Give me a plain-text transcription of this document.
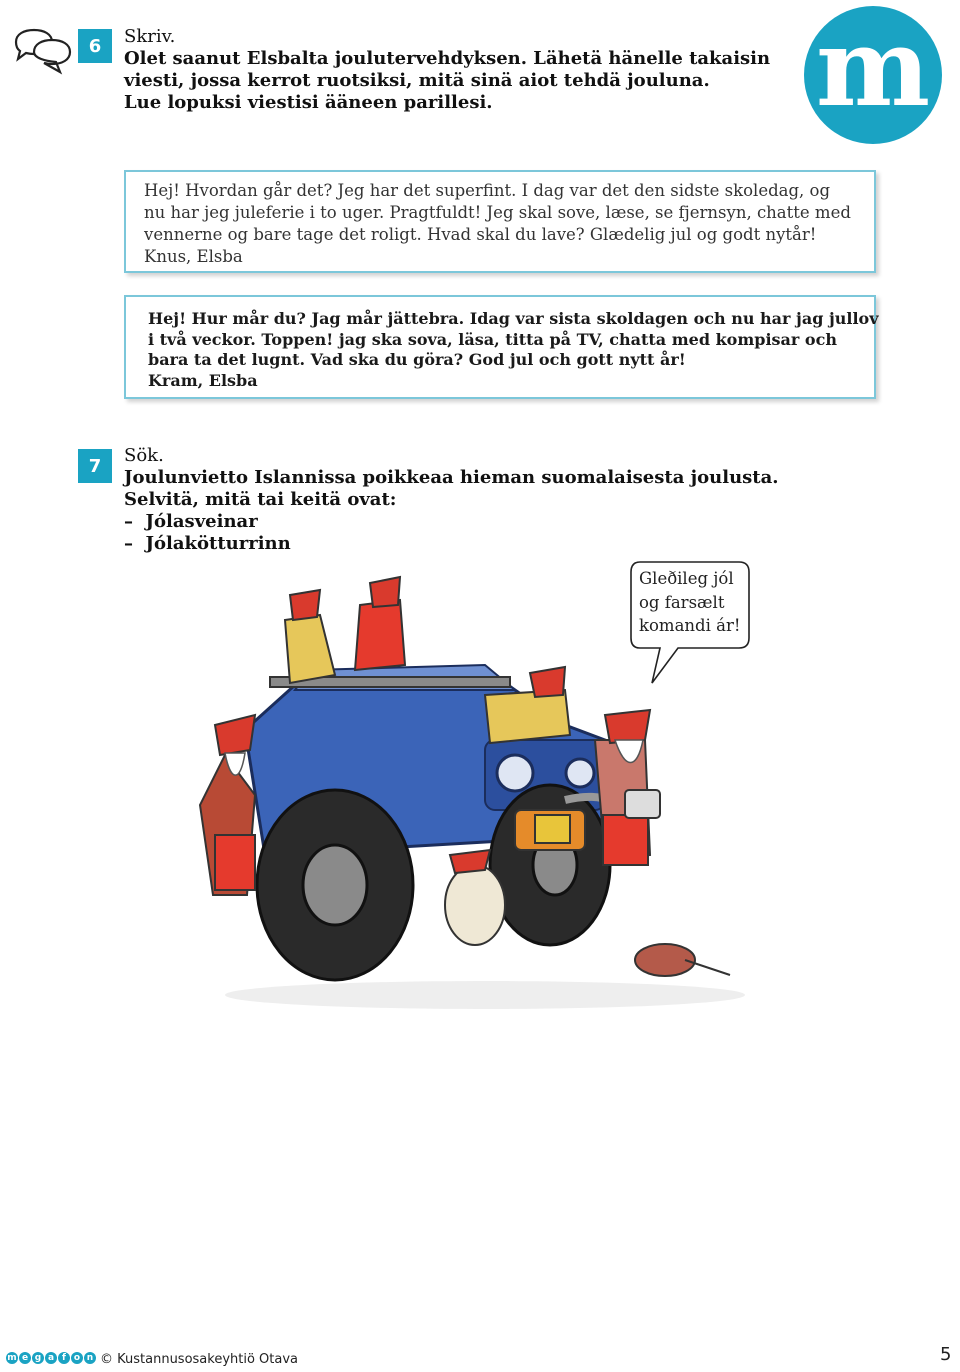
6	Skriv.
Olet saanut Elsbalta joulutervehdyksen. Lähetä hänelle takaisin
viesti, jossa kerrot ruotsiksi, mitä sinä aiot tehdä jouluna.
Lue lopuksi viestisi ääneen parillesi.	m
Hej! Hvordan går det? Jeg har det superfint. I dag var det den sidste skoledag, og
nu har jeg juleferie i to uger. Pragtfuldt! Jeg skal sove, læse, se fjernsyn, chatte med
vennerne og bare tage det roligt. Hvad skal du lave? Glædelig jul og godt nytår!
Knus, Elsba
Hej! Hur mår du? Jag mår jättebra. Idag var sista skoldagen och nu har jag jullov
i två veckor. Toppen! jag ska sova, läsa, titta på TV, chatta med kompisar och
bara ta det lugnt. Vad ska du göra? God jul och gott nytt år!
Kram, Elsba
7	Sök.
Joulunvietto Islannissa poikkeaa hieman suomalaisesta joulusta.
Selvitä, mitä tai keitä ovat:
–  Jólasveinar
–  Jólakötturrinn
Gleðileg jól
og farsælt
komandi ár!
m e g a f o n © Kustannusosakeyhtiö Otava	5
